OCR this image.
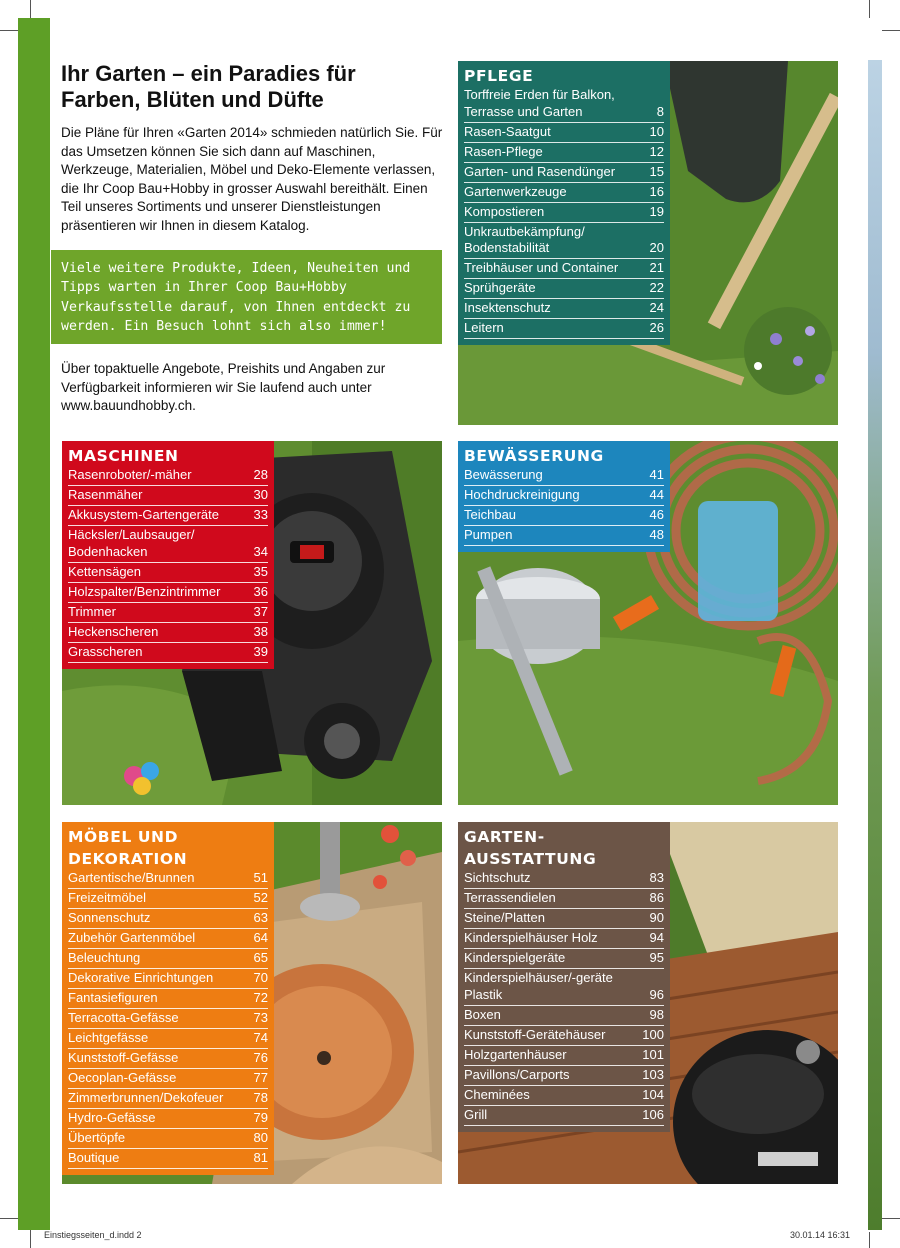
Ihr Garten – ein Paradies für Farben, Blüten und Düfte

Die Pläne für Ihren «Garten 2014» schmieden natürlich Sie. Für das Umsetzen können Sie sich dann auf Maschinen, Werkzeuge, Materialien, Möbel und Deko-Elemente verlassen, die Ihr Coop Bau+Hobby in grosser Auswahl bereithält. Einen Teil unseres Sortiments und unserer Dienstleistungen präsentieren wir Ihnen in diesem Katalog.

Viele weitere Produkte, Ideen, Neuheiten und Tipps warten in Ihrer Coop Bau+Hobby Verkaufsstelle darauf, von Ihnen entdeckt zu werden. Ein Besuch lohnt sich also immer!

Über topaktuelle Angebote, Preishits und Angaben zur Verfügbarkeit informieren wir Sie laufend auch unter www.bauundhobby.ch.

PFLEGE
Torffreie Erden für Balkon,
Terrasse und Garten	8
Rasen-Saatgut	10
Rasen-Pflege	12
Garten- und Rasendünger	15
Gartenwerkzeuge	16
Kompostieren	19
Unkrautbekämpfung/
Bodenstabilität	20
Treibhäuser und Container	21
Sprühgeräte	22
Insektenschutz	24
Leitern	26
MASCHINEN
Rasenroboter/-mäher	28
Rasenmäher	30
Akkusystem-Gartengeräte	33
Häcksler/Laubsauger/
Bodenhacken	34
Kettensägen	35
Holzspalter/Benzintrimmer	36
Trimmer	37
Heckenscheren	38
Grasscheren	39
BEWÄSSERUNG
Bewässerung	41
Hochdruckreinigung	44
Teichbau	46
Pumpen	48
MÖBEL UND
DEKORATION
Gartentische/Brunnen	51
Freizeitmöbel	52
Sonnenschutz	63
Zubehör Gartenmöbel	64
Beleuchtung	65
Dekorative Einrichtungen	70
Fantasiefiguren	72
Terracotta-Gefässe	73
Leichtgefässe	74
Kunststoff-Gefässe	76
Oecoplan-Gefässe	77
Zimmerbrunnen/Dekofeuer	78
Hydro-Gefässe	79
Übertöpfe	80
Boutique	81
GARTEN-
AUSSTATTUNG
Sichtschutz	83
Terrassendielen	86
Steine/Platten	90
Kinderspielhäuser Holz	94
Kinderspielgeräte	95
Kinderspielhäuser/-geräte
Plastik	96
Boxen	98
Kunststoff-Gerätehäuser	100
Holzgartenhäuser	101
Pavillons/Carports	103
Cheminées	104
Grill	106
Einstiegsseiten_d.indd 2	30.01.14 16:31
